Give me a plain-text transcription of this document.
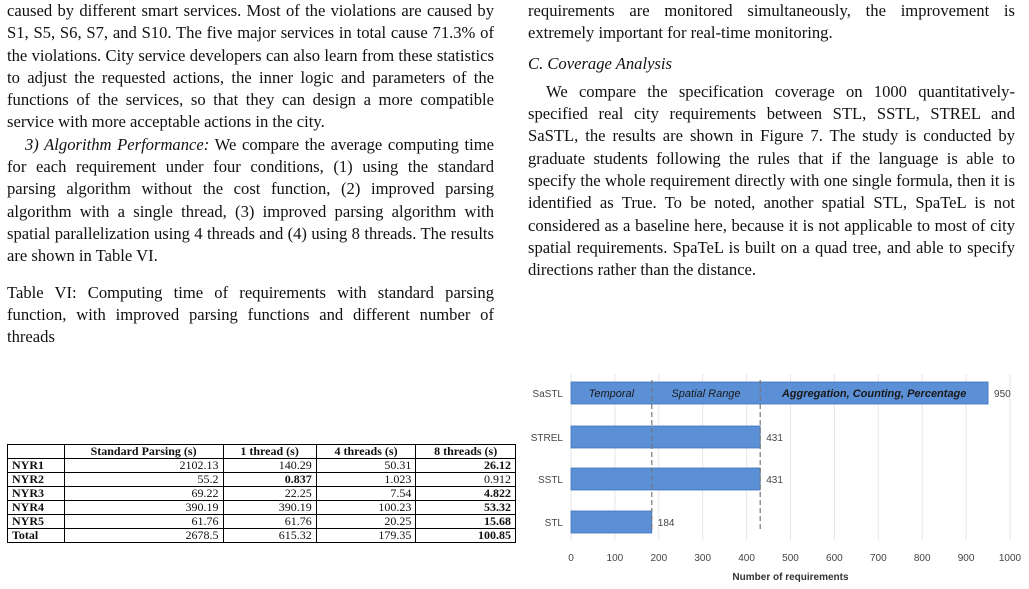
caused by different smart services. Most of the violations are caused by S1, S5, S6, S7, and S10. The five major services in total cause 71.3% of the violations. City service developers can also learn from these statistics to adjust the requested actions, the inner logic and parameters of the functions of the services, so that they can design a more compatible service with more acceptable actions in the city.

3) Algorithm Performance: We compare the average computing time for each requirement under four conditions, (1) using the standard parsing algorithm without the cost function, (2) improved parsing algorithm with a single thread, (3) improved parsing algorithm with spatial parallelization using 4 threads and (4) using 8 threads. The results are shown in Table VI.

Table VI: Computing time of requirements with standard parsing function, with improved parsing functions and different number of threads

	Standard Parsing (s)	1 thread (s)	4 threads (s)	8 threads (s)
NYR1	2102.13	140.29	50.31	26.12
NYR2	55.2	0.837	1.023	0.912
NYR3	69.22	22.25	7.54	4.822
NYR4	390.19	390.19	100.23	53.32
NYR5	61.76	61.76	20.25	15.68
Total	2678.5	615.32	179.35	100.85

requirements are monitored simultaneously, the improvement is extremely important for real-time monitoring.

C. Coverage Analysis

We compare the specification coverage on 1000 quantitatively-specified real city requirements between STL, SSTL, STREL and SaSTL, the results are shown in Figure 7. The study is conducted by graduate students following the rules that if the language is able to specify the whole requirement directly with one single formula, then it is identified as True. To be noted, another spatial STL, SpaTeL is not considered as a baseline here, because it is not applicable to most of city spatial requirements. SpaTeL is built on a quad tree, and able to specify directions rather than the distance.

950
SaSTL
431
STREL
431
SSTL
184
STL
Temporal	Spatial Range	Aggregation, Counting, Percentage
0	100	200	300	400	500	600	700	800	900 1000
Number of requirements
